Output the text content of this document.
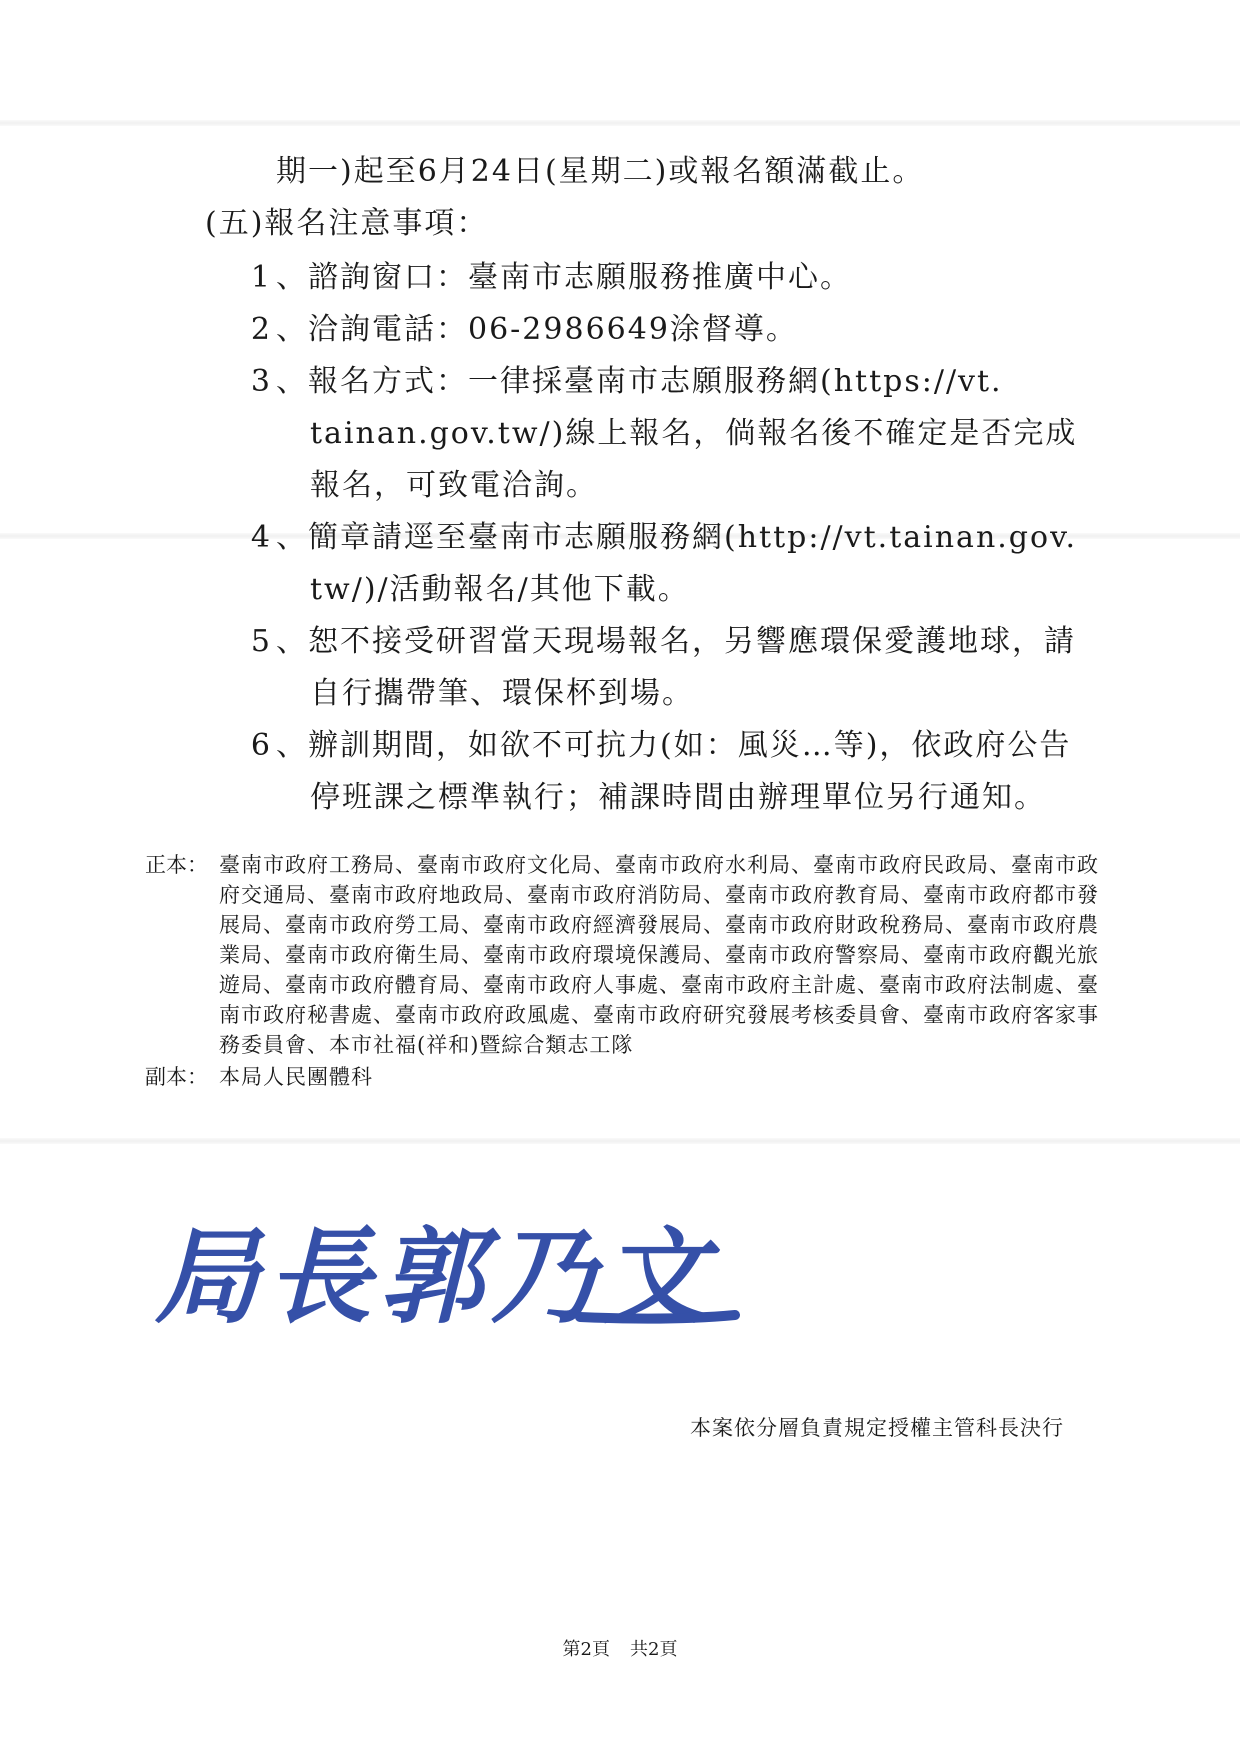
期一)起至6月24日(星期二)或報名額滿截止。
(五)報名注意事項：
1 、諮詢窗口：臺南市志願服務推廣中心。
2 、洽詢電話：06-2986649涂督導。
3 、報名方式：一律採臺南市志願服務網(https://vt.
tainan.gov.tw/)線上報名，倘報名後不確定是否完成
報名，可致電洽詢。
4 、簡章請逕至臺南市志願服務網(http://vt.tainan.gov.
tw/)/活動報名/其他下載。
5 、恕不接受研習當天現場報名，另響應環保愛護地球，請
自行攜帶筆、環保杯到場。
6 、辦訓期間，如欲不可抗力(如：風災…等)，依政府公告
停班課之標準執行；補課時間由辦理單位另行通知。
正本： 臺南市政府工務局、臺南市政府文化局、臺南市政府水利局、臺南市政府民政局、臺南市政府交通局、臺南市政府地政局、臺南市政府消防局、臺南市政府教育局、臺南市政府都市發展局、臺南市政府勞工局、臺南市政府經濟發展局、臺南市政府財政稅務局、臺南市政府農業局、臺南市政府衛生局、臺南市政府環境保護局、臺南市政府警察局、臺南市政府觀光旅遊局、臺南市政府體育局、臺南市政府人事處、臺南市政府主計處、臺南市政府法制處、臺南市政府秘書處、臺南市政府政風處、臺南市政府研究發展考核委員會、臺南市政府客家事務委員會、本市社福(祥和)暨綜合類志工隊
副本： 本局人民團體科
局長郭乃文
本案依分層負責規定授權主管科長決行
第2頁 共2頁
